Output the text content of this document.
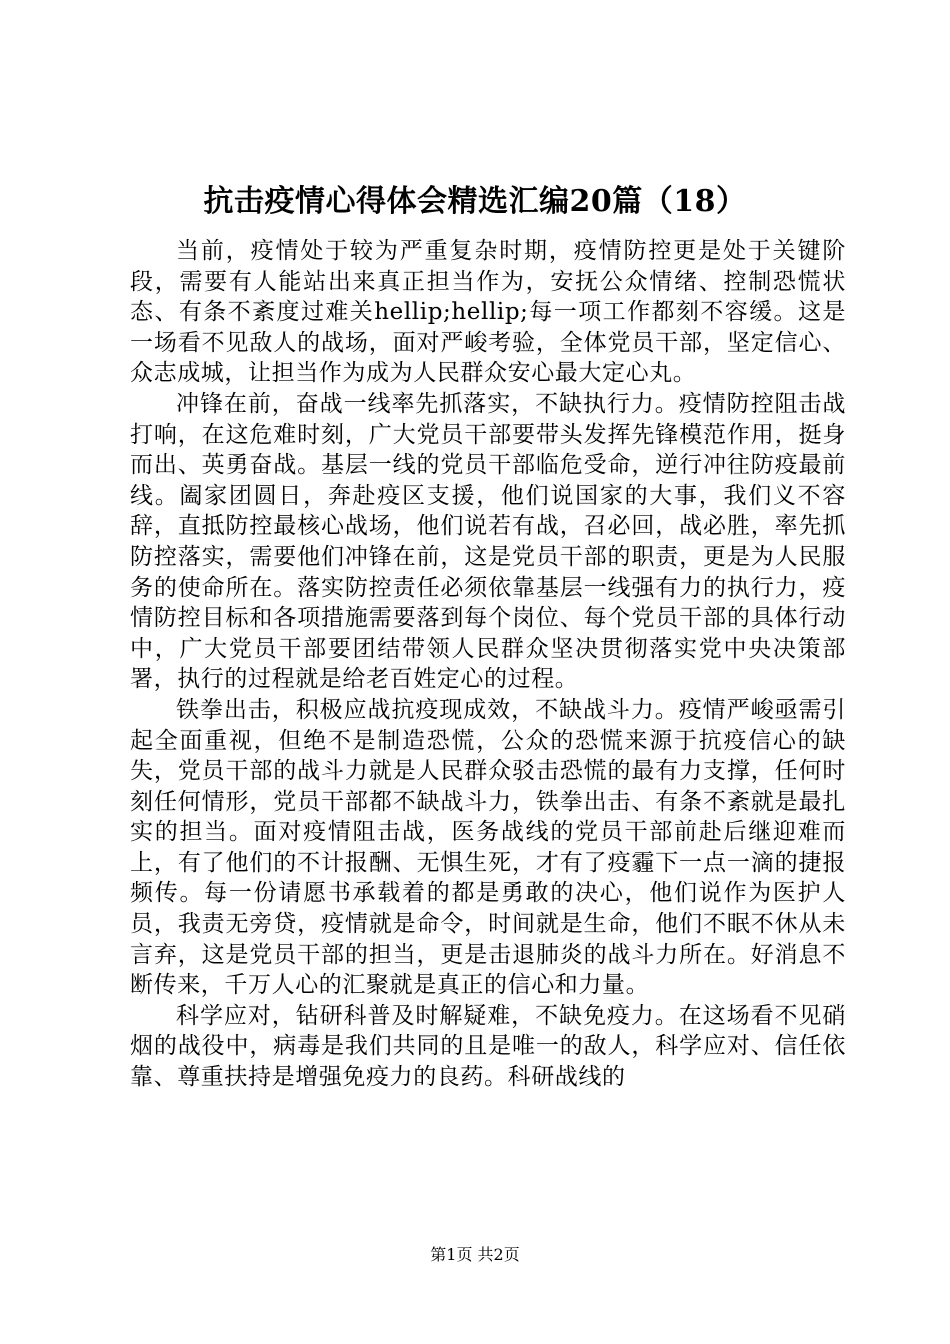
抗击疫情心得体会精选汇编20篇（18）

当前，疫情处于较为严重复杂时期，疫情防控更是处于关键阶段，需要有人能站出来真正担当作为，安抚公众情绪、控制恐慌状态、有条不紊度过难关hellip;hellip;每一项工作都刻不容缓。这是一场看不见敌人的战场，面对严峻考验，全体党员干部，坚定信心、众志成城，让担当作为成为人民群众安心最大定心丸。

冲锋在前，奋战一线率先抓落实，不缺执行力。疫情防控阻击战打响，在这危难时刻，广大党员干部要带头发挥先锋模范作用，挺身而出、英勇奋战。基层一线的党员干部临危受命，逆行冲往防疫最前线。阖家团圆日，奔赴疫区支援，他们说国家的大事，我们义不容辞，直抵防控最核心战场，他们说若有战，召必回，战必胜，率先抓防控落实，需要他们冲锋在前，这是党员干部的职责，更是为人民服务的使命所在。落实防控责任必须依靠基层一线强有力的执行力，疫情防控目标和各项措施需要落到每个岗位、每个党员干部的具体行动中，广大党员干部要团结带领人民群众坚决贯彻落实党中央决策部署，执行的过程就是给老百姓定心的过程。

铁拳出击，积极应战抗疫现成效，不缺战斗力。疫情严峻亟需引起全面重视，但绝不是制造恐慌，公众的恐慌来源于抗疫信心的缺失，党员干部的战斗力就是人民群众驳击恐慌的最有力支撑，任何时刻任何情形，党员干部都不缺战斗力，铁拳出击、有条不紊就是最扎实的担当。面对疫情阻击战，医务战线的党员干部前赴后继迎难而上，有了他们的不计报酬、无惧生死，才有了疫霾下一点一滴的捷报频传。每一份请愿书承载着的都是勇敢的决心，他们说作为医护人员，我责无旁贷，疫情就是命令，时间就是生命，他们不眠不休从未言弃，这是党员干部的担当，更是击退肺炎的战斗力所在。好消息不断传来，千万人心的汇聚就是真正的信心和力量。

科学应对，钻研科普及时解疑难，不缺免疫力。在这场看不见硝烟的战役中，病毒是我们共同的且是唯一的敌人，科学应对、信任依靠、尊重扶持是增强免疫力的良药。科研战线的

第1页 共2页
